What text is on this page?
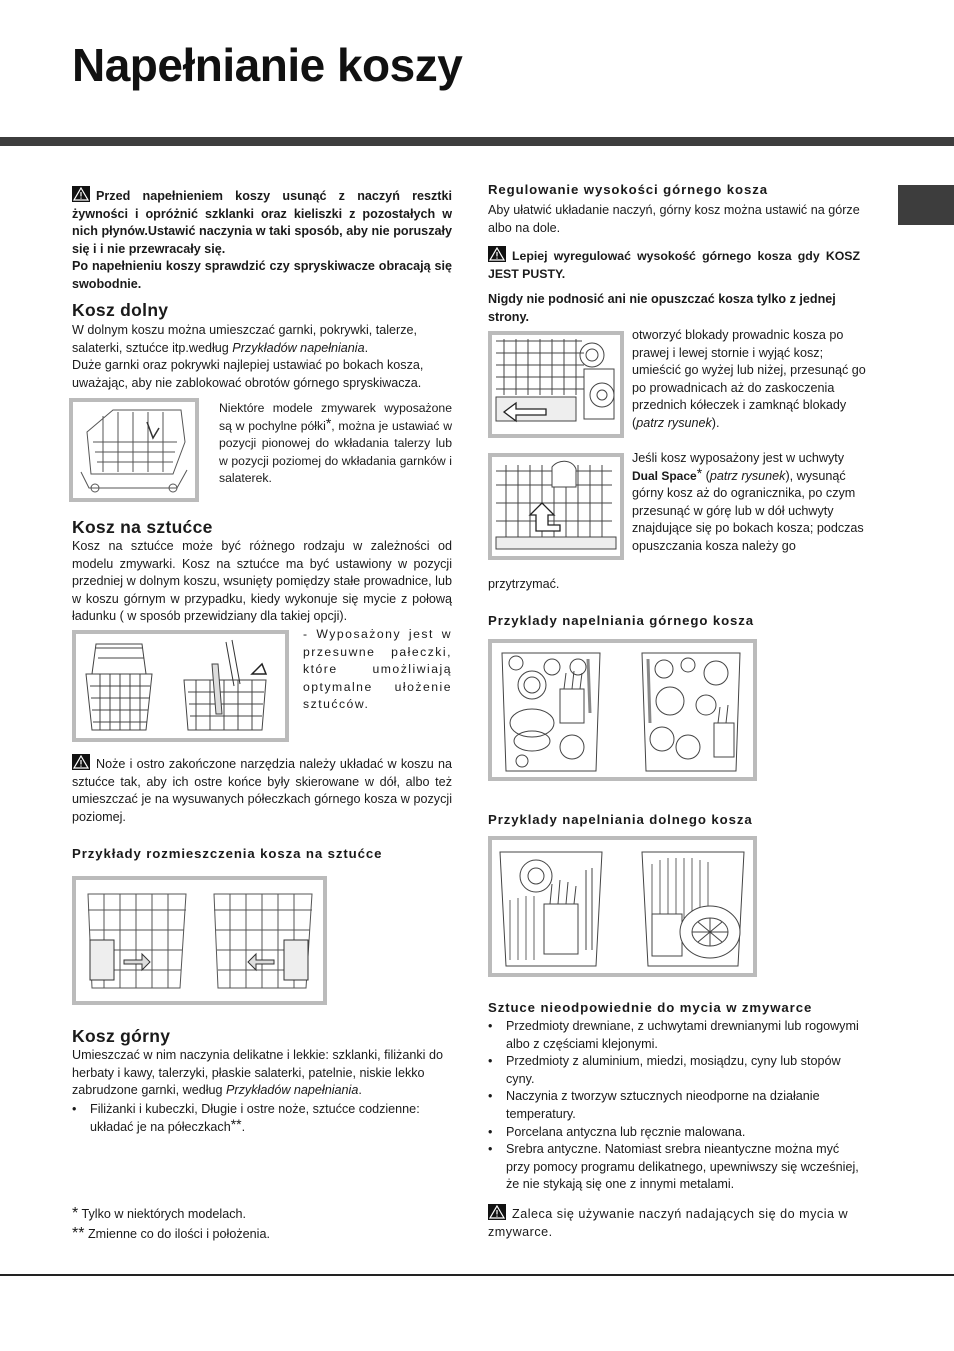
Napełnianie koszy
Przed napełnieniem koszy usunąć z naczyń resztki żywności i opróżnić szklanki oraz kieliszki z pozostałych w nich płynów.Ustawić naczynia w taki sposób, aby nie poruszały się i i nie przewracały się.
Po napełnieniu koszy sprawdzić czy spryskiwacze obracają się swobodnie.
Kosz dolny
W dolnym koszu można umieszczać garnki, pokrywki, talerze, salaterki, sztućce itp.według Przykładów napełniania.
Duże garnki oraz pokrywki najlepiej ustawiać po bokach kosza, uważając, aby nie zablokować obrotów górnego spryskiwacza.
Niektóre modele zmywarek wyposażone są w pochylne półki*, można je ustawiać w pozycji pionowej do wkładania talerzy lub w pozycji poziomej do wkładania garnków i salaterek.
Kosz na sztućce
Kosz na sztućce może być różnego rodzaju w zależności od modelu zmywarki. Kosz na sztućce ma być ustawiony w pozycji przedniej w dolnym koszu, wsunięty pomiędzy stałe prowadnice, lub w koszu górnym w przypadku, kiedy wykonuje się mycie z połową ładunku ( w sposób przewidziany dla takiej opcji).
- Wyposażony jest w przesuwne pałeczki, które umożliwiają optymalne ułożenie sztućców.
Noże i ostro zakończone narzędzia należy układać w koszu na sztućce tak, aby ich ostre końce były skierowane w dół, albo też umieszczać je na wysuwanych półeczkach górnego kosza w pozycji poziomej.
Przykłady rozmieszczenia kosza na sztućce
Kosz górny
Umieszczać w nim naczynia delikatne i lekkie: szklanki, filiżanki do herbaty i kawy, talerzyki, płaskie salaterki, patelnie, niskie lekko zabrudzone garnki, według Przykładów napełniania.
• Filiżanki i kubeczki, Długie i ostre noże, sztućce codzienne: układać je na półeczkach**.
* Tylko w niektórych modelach.
** Zmienne co do ilości i położenia.
Regulowanie wysokości górnego kosza
Aby ułatwić układanie naczyń, górny kosz można ustawić na górze albo na dole.
Lepiej wyregulować wysokość górnego kosza gdy KOSZ JEST PUSTY.
Nigdy nie podnosić ani nie opuszczać kosza tylko z jednej strony.
otworzyć blokady prowadnic kosza po prawej i lewej stornie i wyjąć kosz; umieścić go wyżej lub niżej, przesunąć go po prowadnicach aż do zaskoczenia przednich kółeczek i zamknąć blokady (patrz rysunek).
Jeśli kosz wyposażony jest w uchwyty Dual Space* (patrz rysunek), wysunąć górny kosz aż do ogranicznika, po czym przesunąć w górę lub w dół uchwyty znajdujące się po bokach kosza; podczas opuszczania kosza należy go
przytrzymać.
Przyklady napelniania górnego kosza
Przyklady napelniania dolnego kosza
Sztuce nieodpowiednie do mycia w zmywarce
• Przedmioty drewniane, z uchwytami drewnianymi lub rogowymi albo z częściami klejonymi.
• Przedmioty z aluminium, miedzi, mosiądzu, cyny lub stopów cyny.
• Naczynia z tworzyw sztucznych nieodporne na działanie temperatury.
• Porcelana antyczna lub ręcznie malowana.
• Srebra antyczne. Natomiast srebra nieantyczne można myć przy pomocy programu delikatnego, upewniwszy się wcześniej, że nie stykają się one z innymi metalami.
Zaleca się używanie naczyń nadających się do mycia w zmywarce.
